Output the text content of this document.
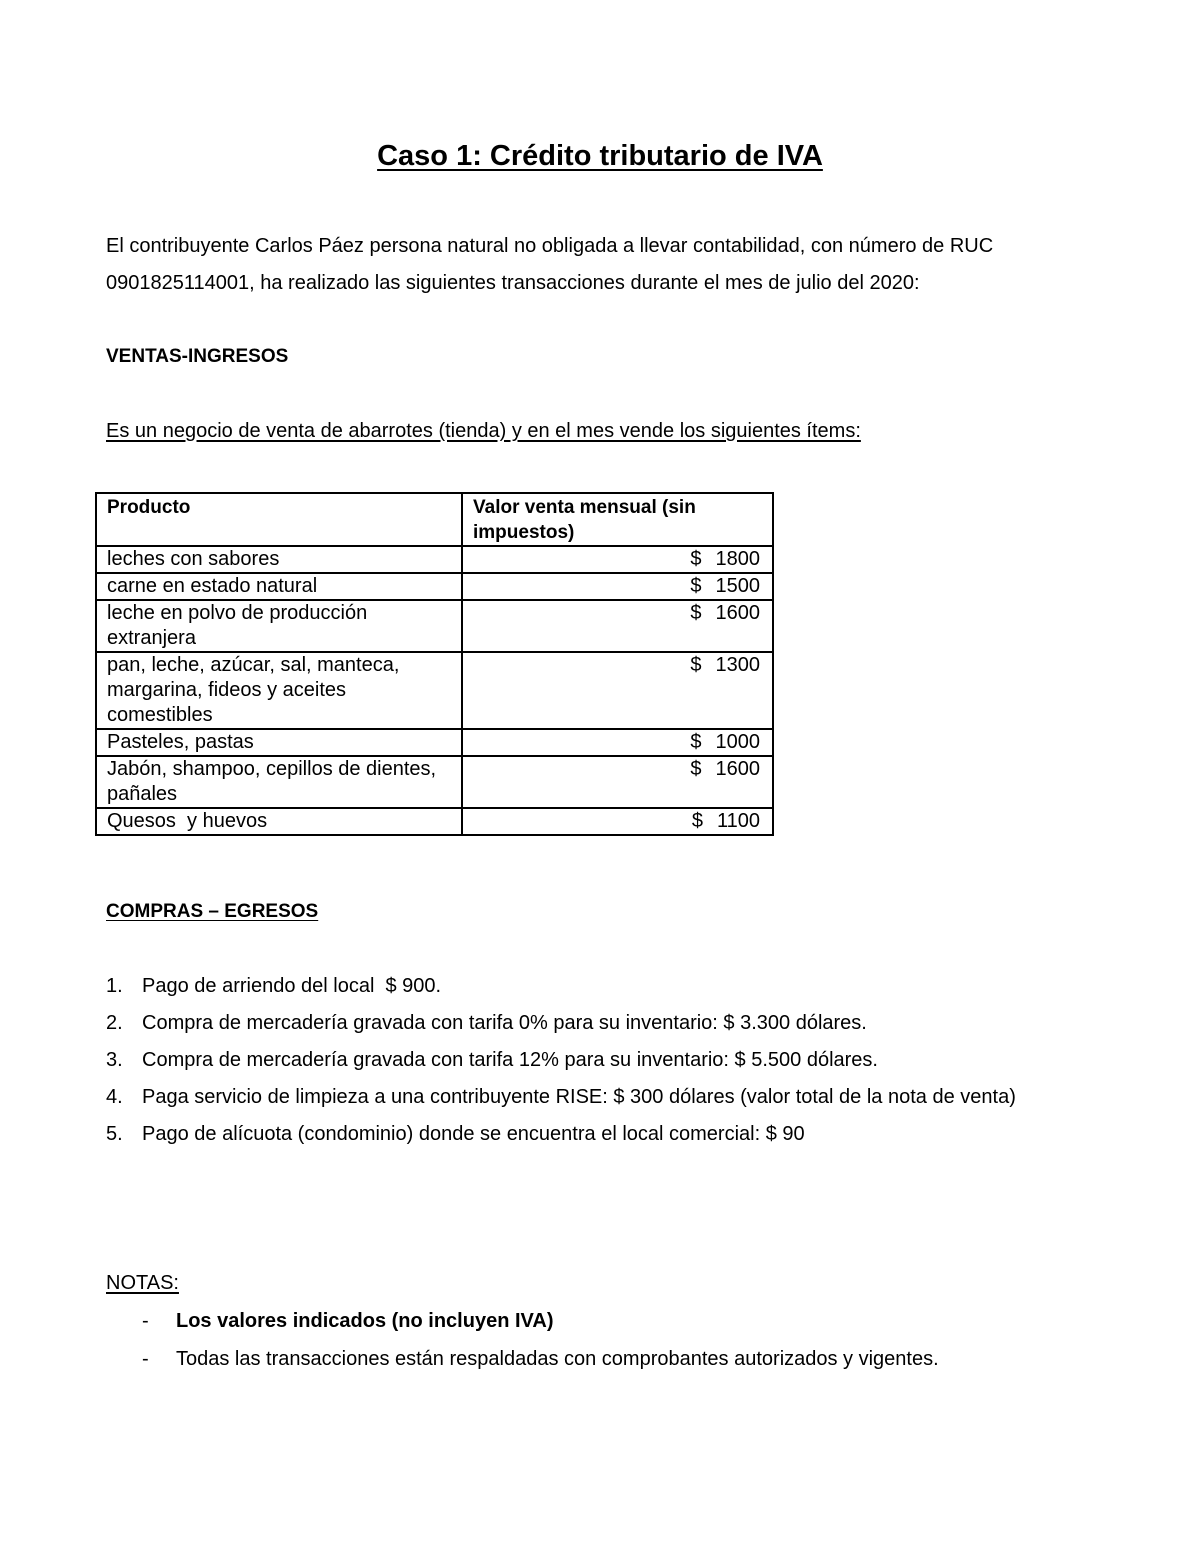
Caso 1: Crédito tributario de IVA
El contribuyente Carlos Páez persona natural no obligada a llevar contabilidad, con número de RUC
0901825114001, ha realizado las siguientes transacciones durante el mes de julio del 2020:
VENTAS-INGRESOS
Es un negocio de venta de abarrotes (tienda) y en el mes vende los siguientes ítems:
Producto	Valor venta mensual (sin impuestos)
leches con sabores	$ 1800
carne en estado natural	$ 1500
leche en polvo de producción extranjera	$ 1600
pan, leche, azúcar, sal, manteca, margarina, fideos y aceites comestibles	$ 1300
Pasteles, pastas	$ 1000
Jabón, shampoo, cepillos de dientes, pañales	$ 1600
Quesos  y huevos	$ 1100
COMPRAS – EGRESOS
1. Pago de arriendo del local  $ 900.
2. Compra de mercadería gravada con tarifa 0% para su inventario: $ 3.300 dólares.
3. Compra de mercadería gravada con tarifa 12% para su inventario: $ 5.500 dólares.
4. Paga servicio de limpieza a una contribuyente RISE: $ 300 dólares (valor total de la nota de venta)
5. Pago de alícuota (condominio) donde se encuentra el local comercial: $ 90
NOTAS:
- Los valores indicados (no incluyen IVA)
- Todas las transacciones están respaldadas con comprobantes autorizados y vigentes.
